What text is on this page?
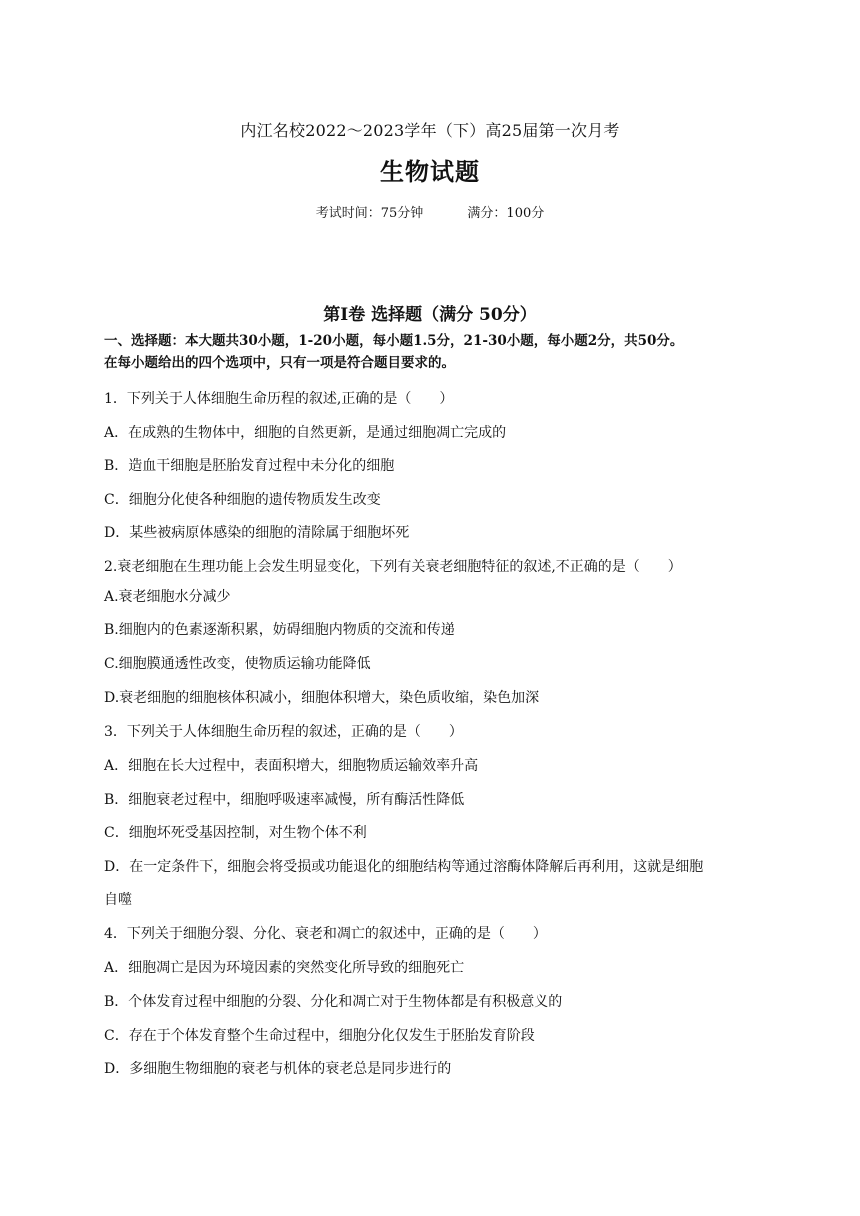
内江名校2022～2023学年（下）高25届第一次月考
生物试题
考试时间：75分钟	满分：100分
第Ⅰ卷 选择题（满分 50分）
一、选择题：本大题共30小题，1-20小题，每小题1.5分，21-30小题，每小题2分，共50分。
在每小题给出的四个选项中，只有一项是符合题目要求的。
1．下列关于人体细胞生命历程的叙述,正确的是（　　）
A．在成熟的生物体中，细胞的自然更新，是通过细胞凋亡完成的
B．造血干细胞是胚胎发育过程中未分化的细胞
C．细胞分化使各种细胞的遗传物质发生改变
D．某些被病原体感染的细胞的清除属于细胞坏死
2.衰老细胞在生理功能上会发生明显变化，下列有关衰老细胞特征的叙述,不正确的是（　　）
A.衰老细胞水分减少
B.细胞内的色素逐渐积累，妨碍细胞内物质的交流和传递
C.细胞膜通透性改变，使物质运输功能降低
D.衰老细胞的细胞核体积减小，细胞体积增大，染色质收缩，染色加深
3．下列关于人体细胞生命历程的叙述，正确的是（　　）
A．细胞在长大过程中，表面积增大，细胞物质运输效率升高
B．细胞衰老过程中，细胞呼吸速率减慢，所有酶活性降低
C．细胞坏死受基因控制，对生物个体不利
D．在一定条件下，细胞会将受损或功能退化的细胞结构等通过溶酶体降解后再利用，这就是细胞
自噬
4．下列关于细胞分裂、分化、衰老和凋亡的叙述中，正确的是（　　）
A．细胞凋亡是因为环境因素的突然变化所导致的细胞死亡
B．个体发育过程中细胞的分裂、分化和凋亡对于生物体都是有积极意义的
C．存在于个体发育整个生命过程中，细胞分化仅发生于胚胎发育阶段
D．多细胞生物细胞的衰老与机体的衰老总是同步进行的
